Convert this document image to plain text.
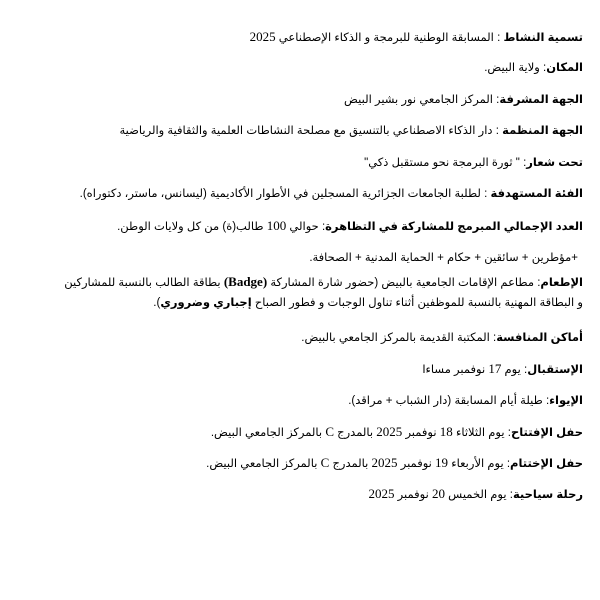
تسمية النشاط : المسابقة الوطنية للبرمجة و الذكاء الإصطناعي 2025
المكان: ولاية البيض.
الجهة المشرفة: المركز الجامعي نور بشير البيض
الجهة المنظمة : دار الذكاء الاصطناعي بالتنسيق مع مصلحة النشاطات العلمية والثقافية والرياضية
تحت شعار: " ثورة البرمجة نحو مستقبل ذكي"
الفئة المستهدفة : لطلبة الجامعات الجزائرية المسجلين في الأطوار الأكاديمية (ليسانس، ماستر، دكتوراه).
العدد الإجمالي المبرمج للمشاركة في التظاهرة: حوالي 100 طالب(ة) من كل ولايات الوطن.
+مؤطرين + سائقين + حكام + الحماية المدنية + الصحافة.
الإطعام: مطاعم الإقامات الجامعية بالبيض (حضور شارة المشاركة (Badge) بطاقة الطالب بالنسبة للمشاركين
و البطاقة المهنية بالنسبة للموظفين أثناء تناول الوجبات و فطور الصباح إجباري وضروري).
أماكن المنافسة: المكتبة القديمة بالمركز الجامعي بالبيض.
الإستقبال: يوم 17 نوفمبر مساءا
الإيواء: طيلة أيام المسابقة (دار الشباب + مراقد).
حفل الإفتتاح: يوم الثلاثاء 18 نوفمبر 2025 بالمدرج C بالمركز الجامعي البيض.
حفل الإختتام: يوم الأربعاء 19 نوفمبر 2025 بالمدرج C بالمركز الجامعي البيض.
رحلة سياحية: يوم الخميس 20 نوفمبر 2025
